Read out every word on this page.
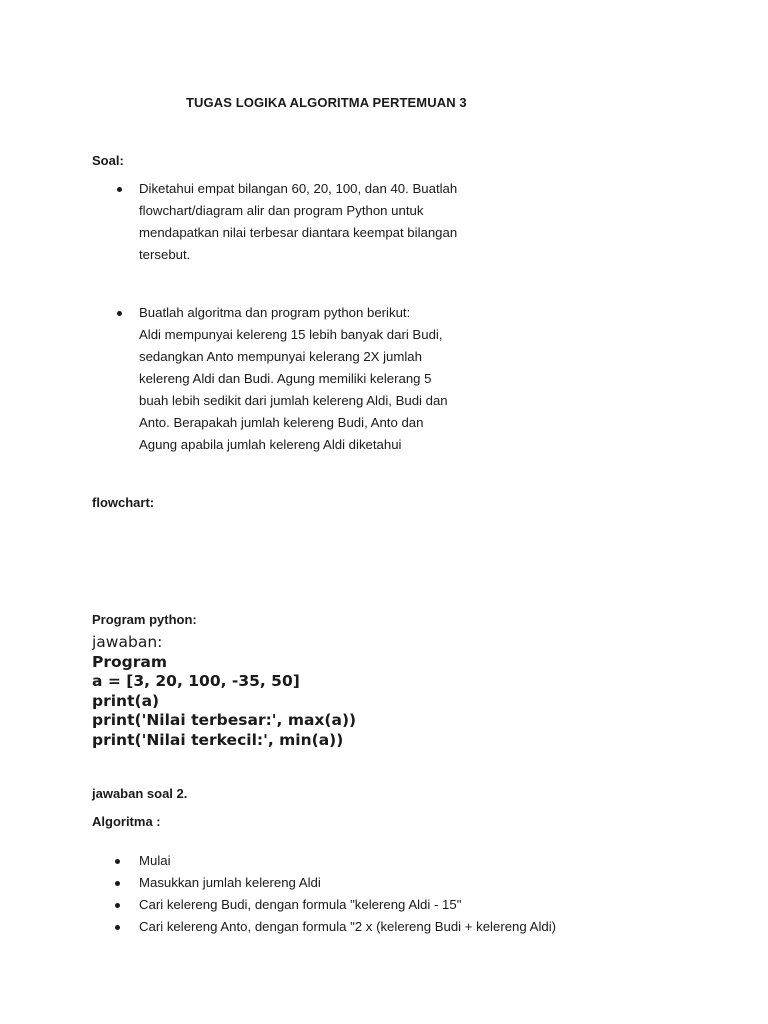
TUGAS LOGIKA ALGORITMA PERTEMUAN 3
Soal:
Diketahui empat bilangan 60, 20, 100, dan 40. Buatlah
flowchart/diagram alir dan program Python untuk
mendapatkan nilai terbesar diantara keempat bilangan
tersebut.
Buatlah algoritma dan program python berikut:
Aldi mempunyai kelereng 15 lebih banyak dari Budi,
sedangkan Anto mempunyai kelerang 2X jumlah
kelereng Aldi dan Budi. Agung memiliki kelerang 5
buah lebih sedikit dari jumlah kelereng Aldi, Budi dan
Anto. Berapakah jumlah kelereng Budi, Anto dan
Agung apabila jumlah kelereng Aldi diketahui
flowchart:
Program python:
jawaban:
Program
a = [3, 20, 100, -35, 50]
print(a)
print('Nilai terbesar:', max(a))
print('Nilai terkecil:', min(a))
jawaban soal 2.
Algoritma :
Mulai
Masukkan jumlah kelereng Aldi
Cari kelereng Budi, dengan formula "kelereng Aldi - 15"
Cari kelereng Anto, dengan formula "2 x (kelereng Budi + kelereng Aldi)
